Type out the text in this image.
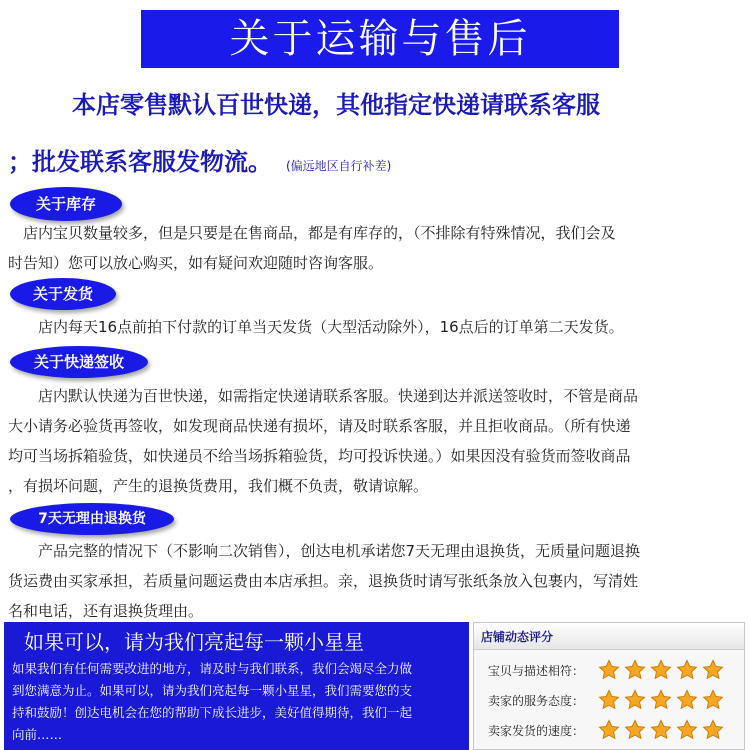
关于运输与售后
本店零售默认百世快递，其他指定快递请联系客服
；批发联系客服发物流。 (偏远地区自行补差)
关于库存
　店内宝贝数量较多，但是只要是在售商品，都是有库存的，（不排除有特殊情况，我们会及
时告知）您可以放心购买，如有疑问欢迎随时咨询客服。
关于发货
　　店内每天16点前拍下付款的订单当天发货（大型活动除外），16点后的订单第二天发货。
关于快递签收
　　店内默认快递为百世快递，如需指定快递请联系客服。快递到达并派送签收时，不管是商品
大小请务必验货再签收，如发现商品快递有损坏，请及时联系客服，并且拒收商品。（所有快递
均可当场拆箱验货，如快递员不给当场拆箱验货，均可投诉快递。）如果因没有验货而签收商品
，有损坏问题，产生的退换货费用，我们概不负责，敬请谅解。
7天无理由退换货
　　产品完整的情况下（不影响二次销售），创达电机承诺您7天无理由退换货，无质量问题退换
货运费由买家承担，若质量问题运费由本店承担。亲，退换货时请写张纸条放入包裹内，写清姓
名和电话，还有退换货理由。
如果可以，请为我们亮起每一颗小星星
如果我们有任何需要改进的地方，请及时与我们联系，我们会竭尽全力做
到您满意为止。如果可以，请为我们亮起每一颗小星星，我们需要您的支
持和鼓励！创达电机会在您的帮助下成长进步，美好值得期待，我们一起
向前……
店铺动态评分
宝贝与描述相符：
卖家的服务态度：
卖家发货的速度：
